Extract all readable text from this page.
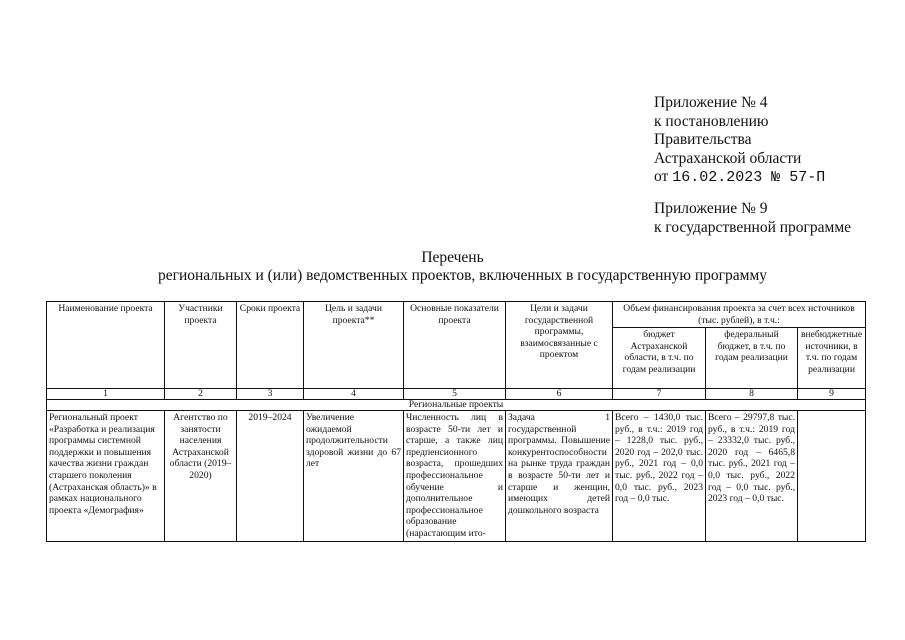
Приложение № 4
к постановлению
Правительства
Астраханской области
от 16.02.2023 № 57-П
Приложение № 9
к государственной программе
Перечень
региональных и (или) ведомственных проектов, включенных в государственную программу
Наименование проекта	Участники проекта	Сроки проекта	Цель и задачи проекта**	Основные показатели проекта	Цели и задачи государственной программы, взаимосвязанные с проектом	Объем финансирования проекта за счет всех источников (тыс. рублей), в т.ч.:		
						бюджет Астраханской области, в т.ч. по годам реализации	федеральный бюджет, в т.ч. по годам реализации	внебюджетные источники, в т.ч. по годам реализации
1	2	3	4	5	6	7	8	9
Региональные проекты								
Региональный проект «Разработка и реализация программы системной поддержки и повышения качества жизни граждан старшего поколения (Астраханская область)» в рамках национального проекта «Демография»	Агентство по занятости населения Астраханской области (2019–2020)	2019–2024	Увеличение ожидаемой продолжительности здоровой жизни до 67 лет	Численность лиц в возрасте 50-ти лет и старше, а также лиц предпенсионного возраста, прошедших профессиональное обучение и дополнительное профессиональное образование (нарастающим ито-	Задача 1 государственной программы. Повышение конкурентоспособности на рынке труда граждан в возрасте 50-ти лет и старше и женщин, имеющих детей дошкольного возраста	Всего – 1430,0 тыс. руб., в т.ч.: 2019 год – 1228,0 тыс. руб., 2020 год – 202,0 тыс. руб., 2021 год – 0,0 тыс. руб., 2022 год – 0,0 тыс. руб., 2023 год – 0,0 тыс.	Всего – 29797,8 тыс. руб., в т.ч.: 2019 год – 23332,0 тыс. руб., 2020 год – 6465,8 тыс. руб., 2021 год – 0,0 тыс. руб., 2022 год – 0,0 тыс. руб., 2023 год – 0,0 тыс.	
